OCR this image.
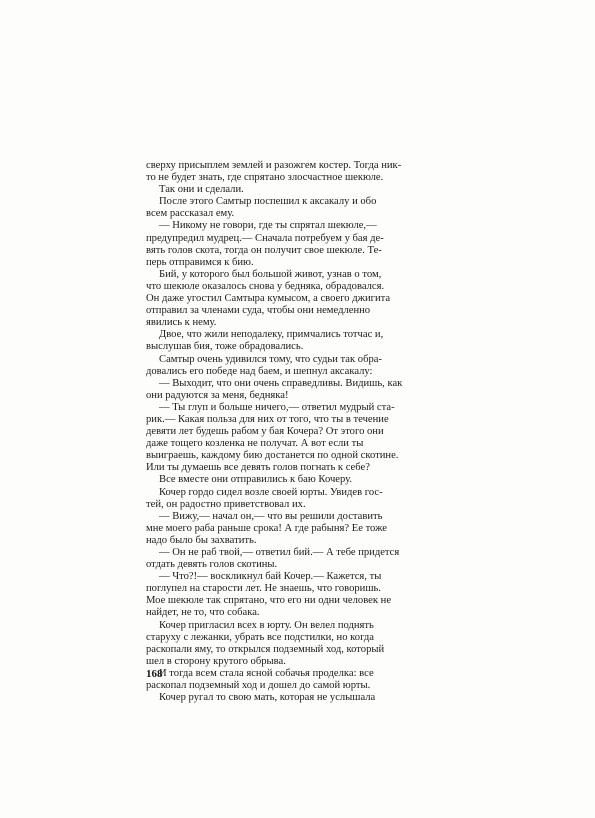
сверху присыплем землей и разожгем костер. Тогда ник-
то не будет знать, где спрятано злосчастное шекюле.
Так они и сделали.
После этого Самтыр поспешил к аксакалу и обо
всем рассказал ему.
— Никому не говори, где ты спрятал шекюле,—
предупредил мудрец.— Сначала потребуем у бая де-
вять голов скота, тогда он получит свое шекюле. Те-
перь отправимся к бию.
Бий, у которого был большой живот, узнав о том,
что шекюле оказалось снова у бедняка, обрадовался.
Он даже угостил Самтыра кумысом, а своего джигита
отправил за членами суда, чтобы они немедленно
явились к нему.
Двое, что жили неподалеку, примчались тотчас и,
выслушав бия, тоже обрадовались.
Самтыр очень удивился тому, что судьи так обра-
довались его победе над баем, и шепнул аксакалу:
— Выходит, что они очень справедливы. Видишь, как
они радуются за меня, бедняка!
— Ты глуп и больше ничего,— ответил мудрый ста-
рик.— Какая польза для них от того, что ты в течение
девяти лет будешь рабом у бая Кочера? От этого они
даже тощего козленка не получат. А вот если ты
выиграешь, каждому бию достанется по одной скотине.
Или ты думаешь все девять голов погнать к себе?
Все вместе они отправились к баю Кочеру.
Кочер гордо сидел возле своей юрты. Увидев гос-
тей, он радостно приветствовал их.
— Вижу,— начал он,— что вы решили доставить
мне моего раба раньше срока! А где рабыня? Ее тоже
надо было бы захватить.
— Он не раб твой,— ответил бий.— А тебе придется
отдать девять голов скотины.
— Что?!— воскликнул бай Кочер.— Кажется, ты
поглупел на старости лет. Не знаешь, что говоришь.
Мое шекюле так спрятано, что его ни одни человек не
найдет, не то, что собака.
Кочер пригласил всех в юрту. Он велел поднять
старуху с лежанки, убрать все подстилки, но когда
раскопали яму, то открылся подземный ход, который
шел в сторону крутого обрыва.
И тогда всем стала ясной собачья проделка: все
раскопал подземный ход и дошел до самой юрты.
Кочер ругал то свою мать, которая не услышала
168
